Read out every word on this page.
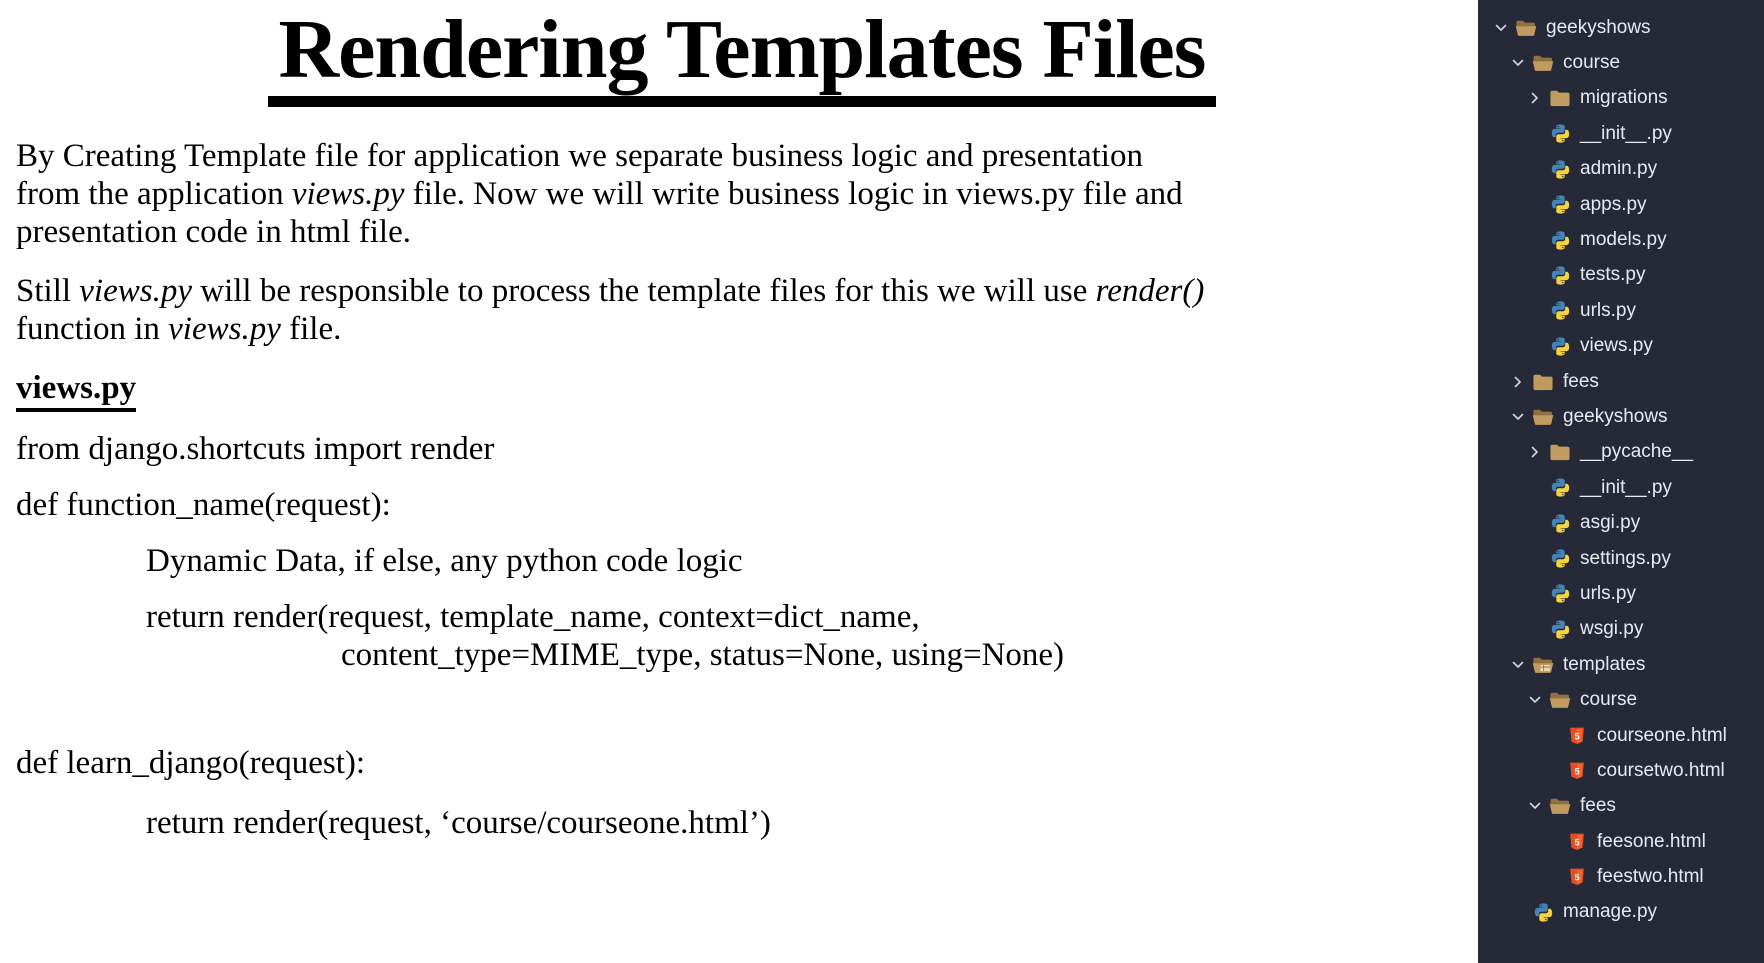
Rendering Templates Files
By Creating Template file for application we separate business logic and presentation
from the application views.py file. Now we will write business logic in views.py file and
presentation code in html file.
Still views.py will be responsible to process the template files for this we will use render()
function in views.py file.
views.py
from django.shortcuts import render
def function_name(request):
Dynamic Data, if else, any python code logic
return render(request, template_name, context=dict_name,
content_type=MIME_type, status=None, using=None)
def learn_django(request):
return render(request, ‘course/courseone.html’)
geekyshows
course
migrations
__init__.py
admin.py
apps.py
models.py
tests.py
urls.py
views.py
fees
geekyshows
__pycache__
__init__.py
asgi.py
settings.py
urls.py
wsgi.py
templates
course
5 courseone.html
5 coursetwo.html
fees
5 feesone.html
5 feestwo.html
manage.py
